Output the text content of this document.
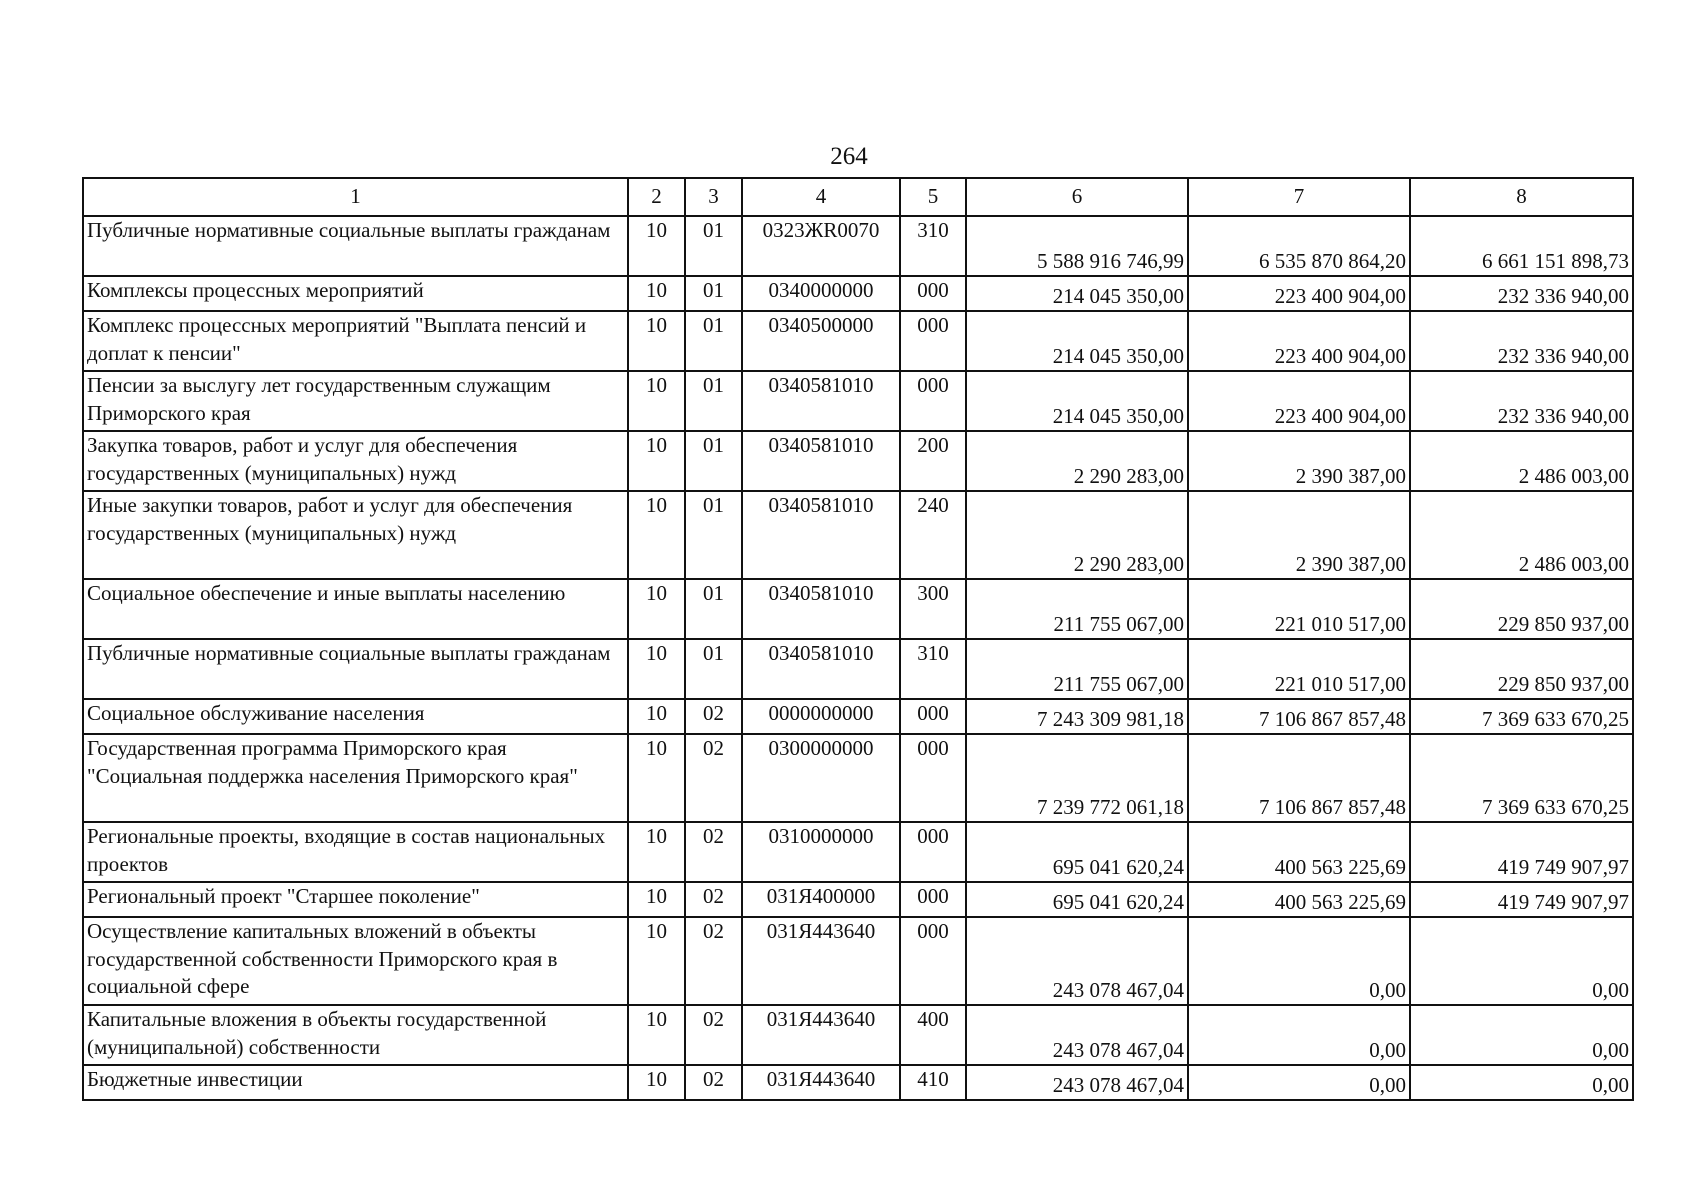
264
1	2	3	4	5	6	7	8
Публичные нормативные социальные выплаты гражданам	10	01	0323ЖR0070	310	5 588 916 746,99	6 535 870 864,20	6 661 151 898,73
Комплексы процессных мероприятий	10	01	0340000000	000	214 045 350,00	223 400 904,00	232 336 940,00
Комплекс процессных мероприятий "Выплата пенсий и доплат к пенсии"	10	01	0340500000	000	214 045 350,00	223 400 904,00	232 336 940,00
Пенсии за выслугу лет государственным служащим Приморского края	10	01	0340581010	000	214 045 350,00	223 400 904,00	232 336 940,00
Закупка товаров, работ и услуг для обеспечения государственных (муниципальных) нужд	10	01	0340581010	200	2 290 283,00	2 390 387,00	2 486 003,00
Иные закупки товаров, работ и услуг для обеспечения государственных (муниципальных) нужд	10	01	0340581010	240	2 290 283,00	2 390 387,00	2 486 003,00
Социальное обеспечение и иные выплаты населению	10	01	0340581010	300	211 755 067,00	221 010 517,00	229 850 937,00
Публичные нормативные социальные выплаты гражданам	10	01	0340581010	310	211 755 067,00	221 010 517,00	229 850 937,00
Социальное обслуживание населения	10	02	0000000000	000	7 243 309 981,18	7 106 867 857,48	7 369 633 670,25
Государственная программа Приморского края "Социальная поддержка населения Приморского края"	10	02	0300000000	000	7 239 772 061,18	7 106 867 857,48	7 369 633 670,25
Региональные проекты, входящие в состав национальных проектов	10	02	0310000000	000	695 041 620,24	400 563 225,69	419 749 907,97
Региональный проект "Старшее поколение"	10	02	031Я400000	000	695 041 620,24	400 563 225,69	419 749 907,97
Осуществление капитальных вложений в объекты государственной собственности Приморского края в социальной сфере	10	02	031Я443640	000	243 078 467,04	0,00	0,00
Капитальные вложения в объекты государственной (муниципальной) собственности	10	02	031Я443640	400	243 078 467,04	0,00	0,00
Бюджетные инвестиции	10	02	031Я443640	410	243 078 467,04	0,00	0,00
